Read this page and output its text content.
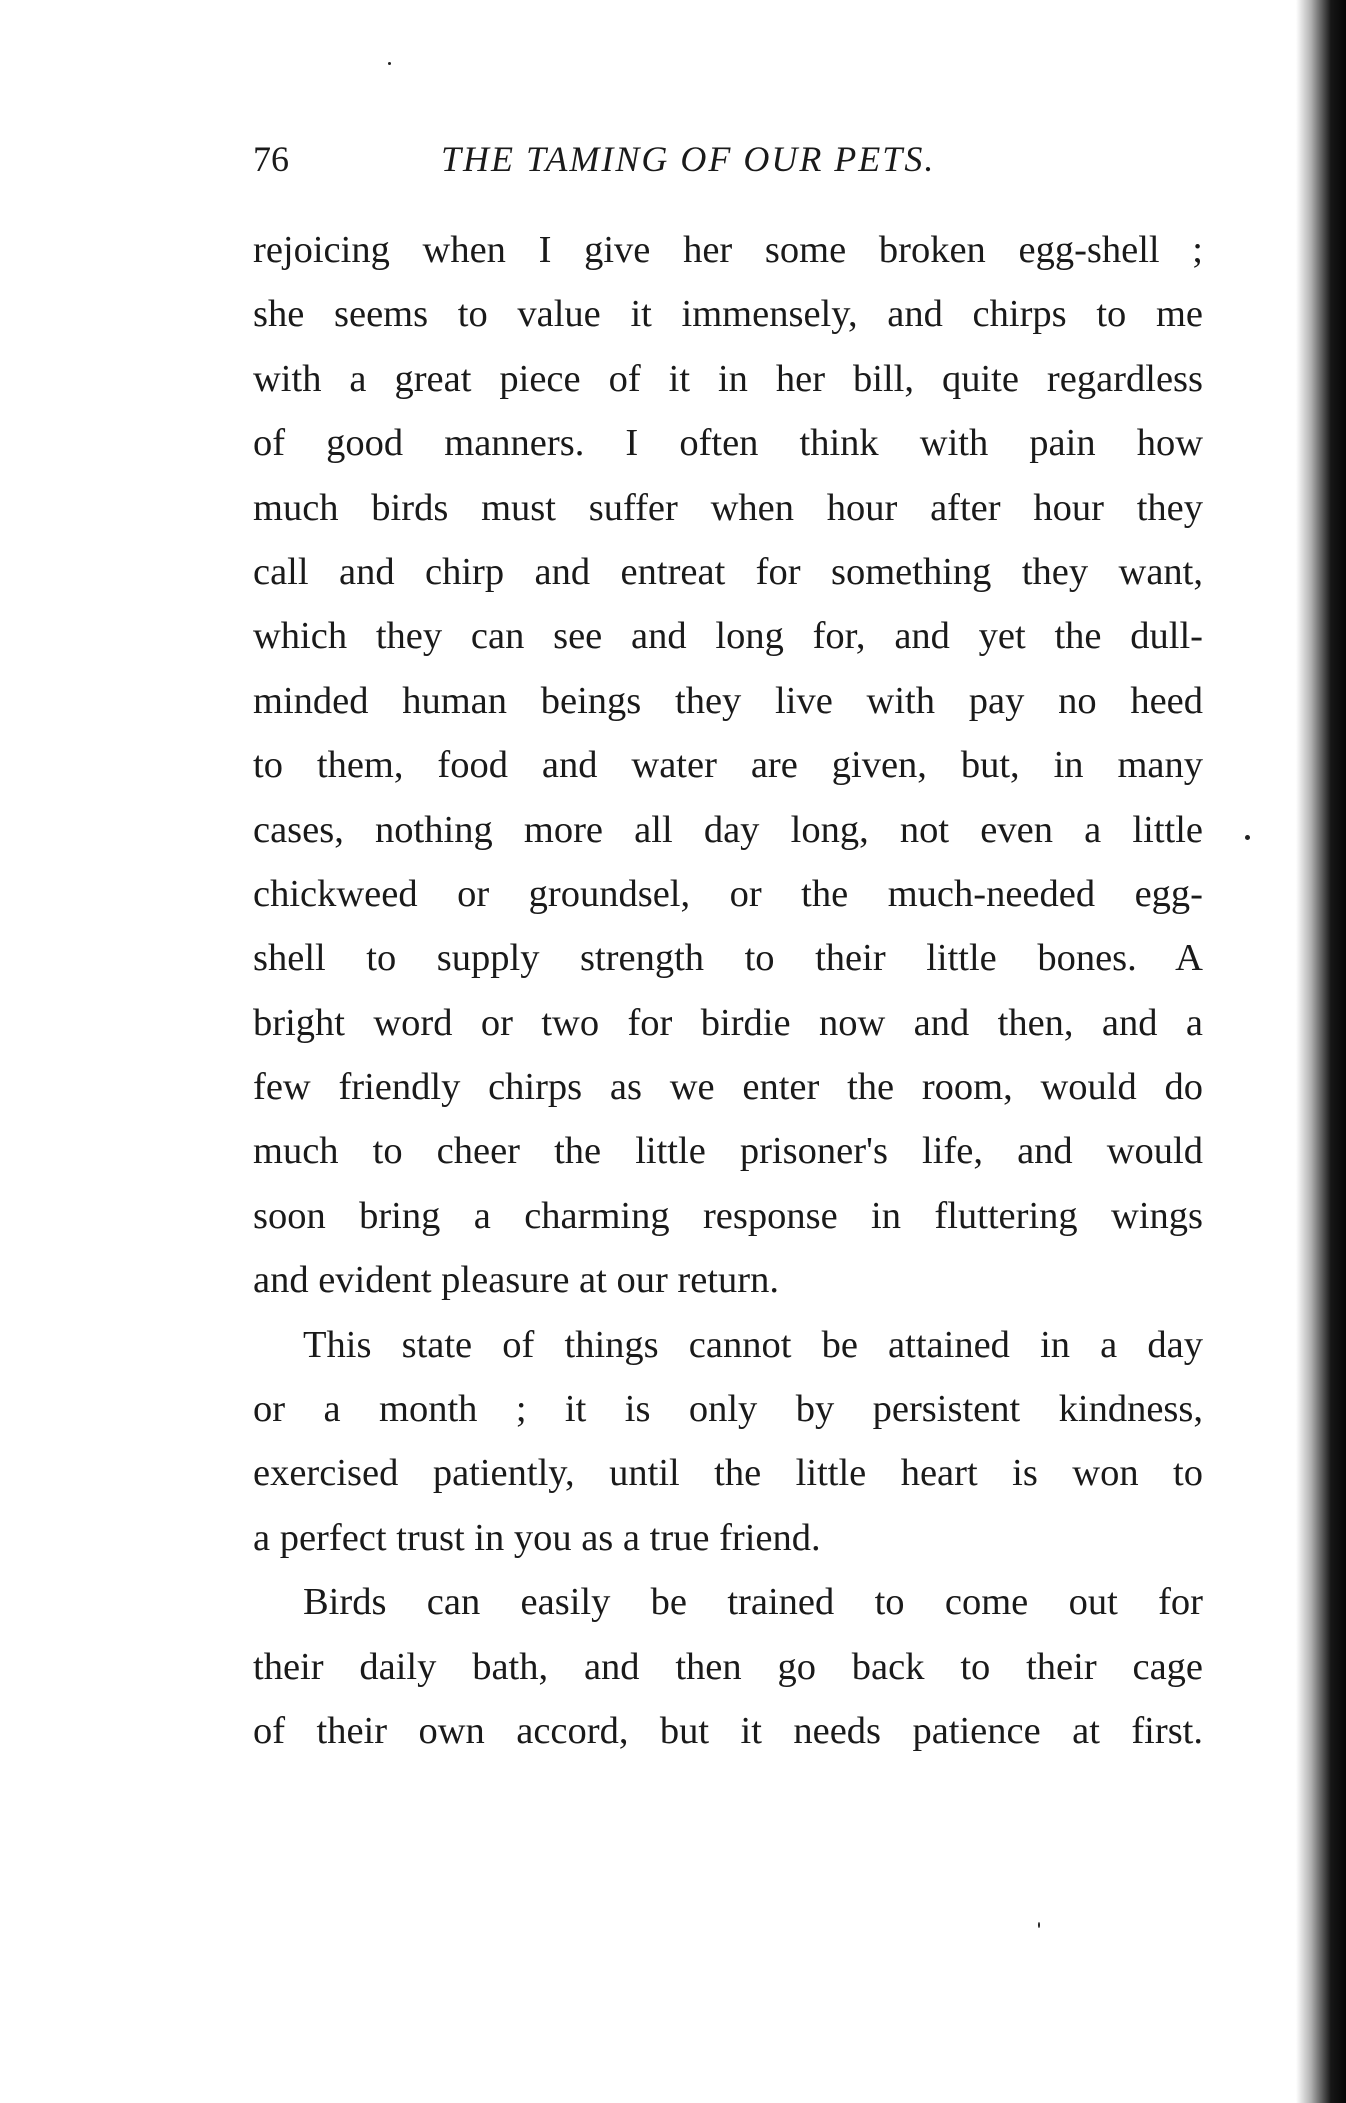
76	THE TAMING OF OUR PETS.
rejoicing when I give her some broken egg-shell ;
she seems to value it immensely, and chirps to me
with a great piece of it in her bill, quite regardless
of good manners. I often think with pain how
much birds must suffer when hour after hour they
call and chirp and entreat for something they want,
which they can see and long for, and yet the dull-
minded human beings they live with pay no heed
to them, food and water are given, but, in many
cases, nothing more all day long, not even a little
chickweed or groundsel, or the much-needed egg-
shell to supply strength to their little bones. A
bright word or two for birdie now and then, and a
few friendly chirps as we enter the room, would do
much to cheer the little prisoner's life, and would
soon bring a charming response in fluttering wings
and evident pleasure at our return.
This state of things cannot be attained in a day
or a month ; it is only by persistent kindness,
exercised patiently, until the little heart is won to
a perfect trust in you as a true friend.
Birds can easily be trained to come out for
their daily bath, and then go back to their cage
of their own accord, but it needs patience at first.
